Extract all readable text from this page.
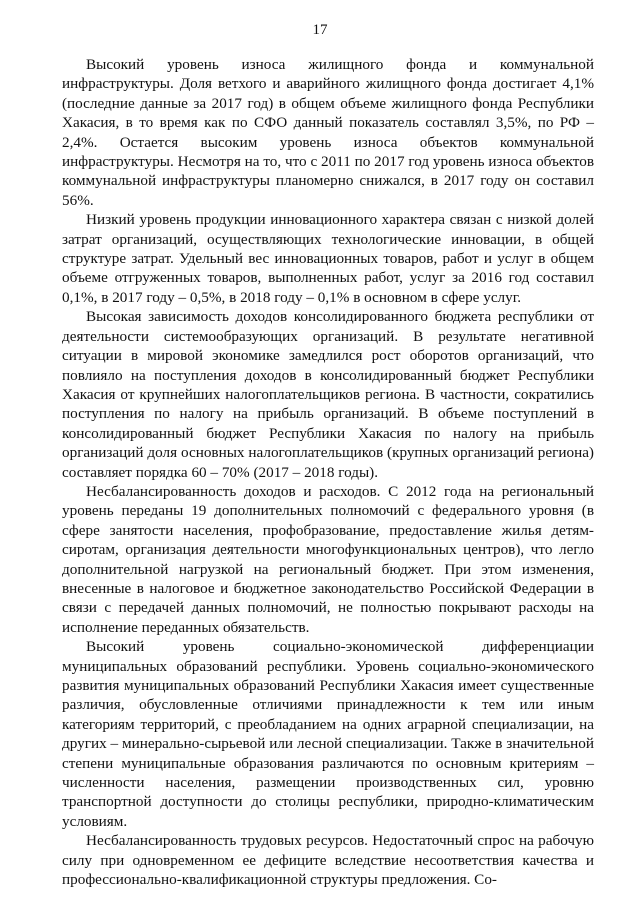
17

Высокий уровень износа жилищного фонда и коммунальной инфраструктуры. Доля ветхого и аварийного жилищного фонда достигает 4,1% (последние данные за 2017 год) в общем объеме жилищного фонда Республики Хакасия, в то время как по СФО данный показатель составлял 3,5%, по РФ – 2,4%. Остается высоким уровень износа объектов коммунальной инфраструктуры. Несмотря на то, что с 2011 по 2017 год уровень износа объектов коммунальной инфраструктуры планомерно снижался, в 2017 году он составил 56%.

Низкий уровень продукции инновационного характера связан с низкой долей затрат организаций, осуществляющих технологические инновации, в общей структуре затрат. Удельный вес инновационных товаров, работ и услуг в общем объеме отгруженных товаров, выполненных работ, услуг за 2016 год составил 0,1%, в 2017 году – 0,5%, в 2018 году – 0,1% в основном в сфере услуг.

Высокая зависимость доходов консолидированного бюджета республики от деятельности системообразующих организаций. В результате негативной ситуации в мировой экономике замедлился рост оборотов организаций, что повлияло на поступления доходов в консолидированный бюджет Республики Хакасия от крупнейших налогоплательщиков региона. В частности, сократились поступления по налогу на прибыль организаций. В объеме поступлений в консолидированный бюджет Республики Хакасия по налогу на прибыль организаций доля основных налогоплательщиков (крупных организаций региона) составляет порядка 60 – 70% (2017 – 2018 годы).

Несбалансированность доходов и расходов. С 2012 года на региональный уровень переданы 19 дополнительных полномочий с федерального уровня (в сфере занятости населения, профобразование, предоставление жилья детям-сиротам, организация деятельности многофункциональных центров), что легло дополнительной нагрузкой на региональный бюджет. При этом изменения, внесенные в налоговое и бюджетное законодательство Российской Федерации в связи с передачей данных полномочий, не полностью покрывают расходы на исполнение переданных обязательств.

Высокий уровень социально-экономической дифференциации муниципальных образований республики. Уровень социально-экономического развития муниципальных образований Республики Хакасия имеет существенные различия, обусловленные отличиями принадлежности к тем или иным категориям территорий, с преобладанием на одних аграрной специализации, на других – минерально-сырьевой или лесной специализации. Также в значительной степени муниципальные образования различаются по основным критериям – численности населения, размещении производственных сил, уровню транспортной доступности до столицы республики, природно-климатическим условиям.

Несбалансированность трудовых ресурсов. Недостаточный спрос на рабочую силу при одновременном ее дефиците вследствие несоответствия качества и профессионально-квалификационной структуры предложения. Со-
